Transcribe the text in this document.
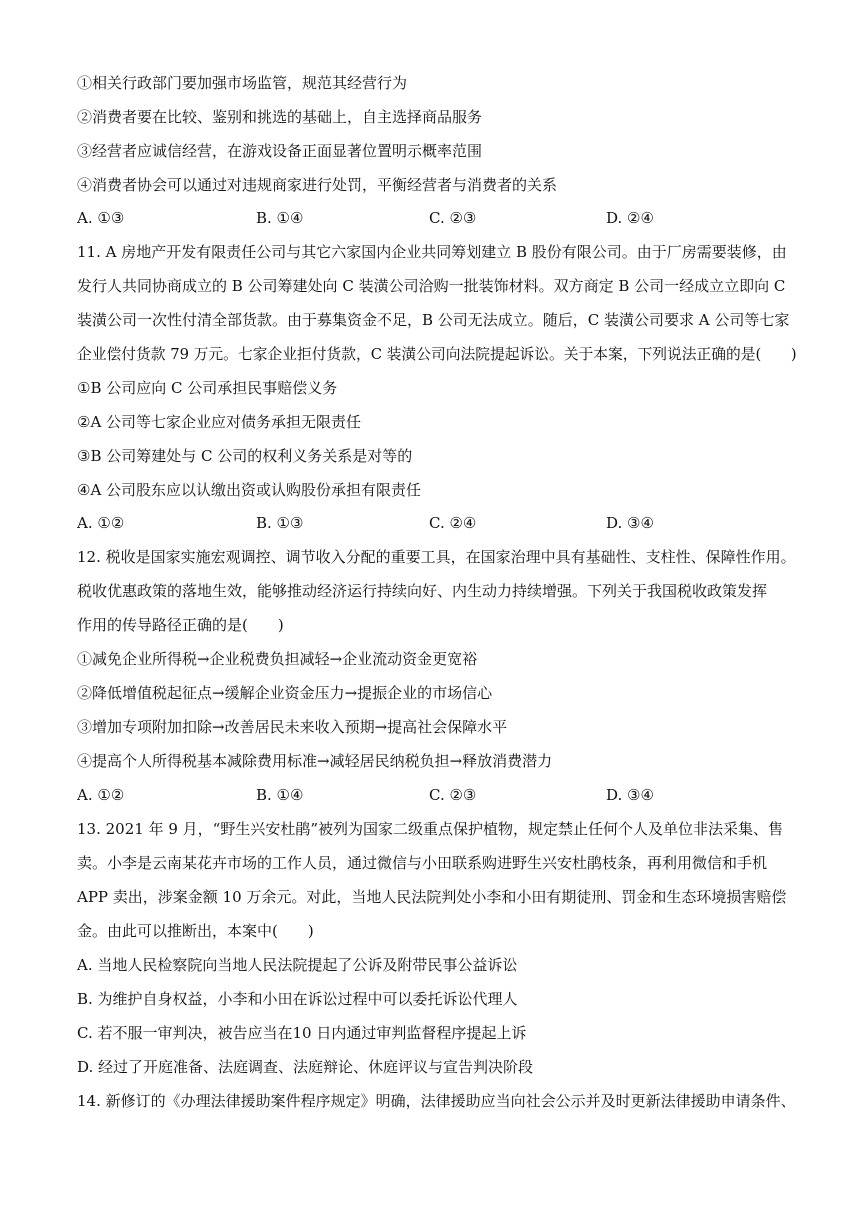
①相关行政部门要加强市场监管，规范其经营行为
②消费者要在比较、鉴别和挑选的基础上，自主选择商品服务
③经营者应诚信经营，在游戏设备正面显著位置明示概率范围
④消费者协会可以通过对违规商家进行处罚，平衡经营者与消费者的关系
A. ①③	B. ①④	C. ②③	D. ②④
11. A 房地产开发有限责任公司与其它六家国内企业共同筹划建立 B 股份有限公司。由于厂房需要装修，由
发行人共同协商成立的 B 公司筹建处向 C 装潢公司洽购一批装饰材料。双方商定 B 公司一经成立立即向 C
装潢公司一次性付清全部货款。由于募集资金不足，B 公司无法成立。随后，C 装潢公司要求 A 公司等七家
企业偿付货款 79 万元。七家企业拒付货款，C 装潢公司向法院提起诉讼。关于本案，下列说法正确的是(　　)
①B 公司应向 C 公司承担民事赔偿义务
②A 公司等七家企业应对债务承担无限责任
③B 公司筹建处与 C 公司的权利义务关系是对等的
④A 公司股东应以认缴出资或认购股份承担有限责任
A. ①②	B. ①③	C. ②④	D. ③④
12. 税收是国家实施宏观调控、调节收入分配的重要工具，在国家治理中具有基础性、支柱性、保障性作用。
税收优惠政策的落地生效，能够推动经济运行持续向好、内生动力持续增强。下列关于我国税收政策发挥
作用的传导路径正确的是(　　)
①减免企业所得税→企业税费负担减轻→企业流动资金更宽裕
②降低增值税起征点→缓解企业资金压力→提振企业的市场信心
③增加专项附加扣除→改善居民未来收入预期→提高社会保障水平
④提高个人所得税基本减除费用标准→减轻居民纳税负担→释放消费潜力
A. ①②	B. ①④	C. ②③	D. ③④
13. 2021 年 9 月，“野生兴安杜鹃”被列为国家二级重点保护植物，规定禁止任何个人及单位非法采集、售
卖。小李是云南某花卉市场的工作人员，通过微信与小田联系购进野生兴安杜鹃枝条，再利用微信和手机
APP 卖出，涉案金额 10 万余元。对此，当地人民法院判处小李和小田有期徒刑、罚金和生态环境损害赔偿
金。由此可以推断出，本案中(　　)
A. 当地人民检察院向当地人民法院提起了公诉及附带民事公益诉讼
B. 为维护自身权益，小李和小田在诉讼过程中可以委托诉讼代理人
C. 若不服一审判决，被告应当在10 日内通过审判监督程序提起上诉
D. 经过了开庭准备、法庭调查、法庭辩论、休庭评议与宣告判决阶段
14. 新修订的《办理法律援助案件程序规定》明确，法律援助应当向社会公示并及时更新法律援助申请条件、
